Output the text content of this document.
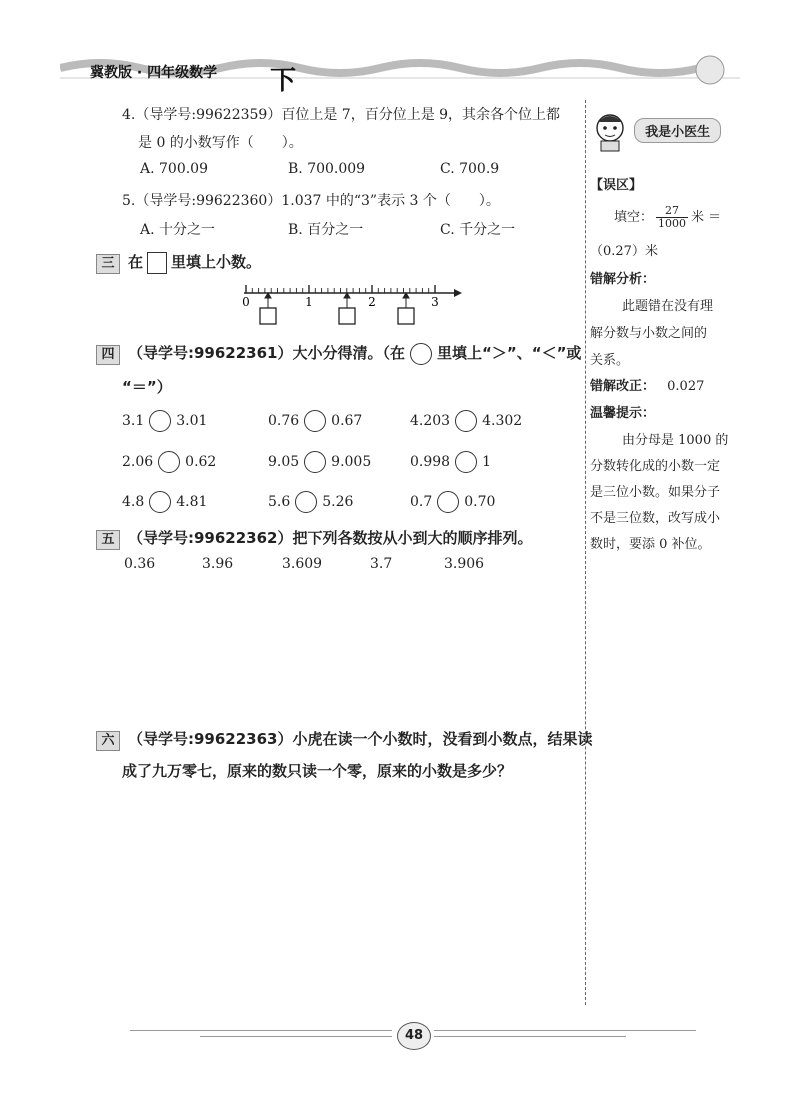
冀教版 · 四年级数学 下
4.（导学号:99622359）百位上是 7，百分位上是 9，其余各个位上都
是 0 的小数写作（　　）。
A. 700.09	B. 700.009	C. 700.9
5.（导学号:99622360）1.037 中的“3”表示 3 个（　　）。
A. 十分之一	B. 百分之一	C. 千分之一
三 在 里填上小数。
0	1	2	3
四 （导学号:99622361）大小分得清。（在 里填上“＞”、“＜”或
“＝”）
3.1 3.01	0.76 0.67	4.203 4.302
2.06 0.62	9.05 9.005	0.998 1
4.8 4.81	5.6 5.26	0.7 0.70
五 （导学号:99622362）把下列各数按从小到大的顺序排列。
0.36	3.96	3.609	3.7	3.906
六 （导学号:99622363）小虎在读一个小数时，没看到小数点，结果读
成了九万零七，原来的数只读一个零，原来的小数是多少？
我是小医生
【误区】
填空： $\frac{27}{1000}$ 米 ＝
（0.27）米
错解分析：
此题错在没有理
解分数与小数之间的
关系。
错解改正： 0.027
温馨提示：
由分母是 1000 的
分数转化成的小数一定
是三位小数。如果分子
不是三位数，改写成小
数时，要添 0 补位。
48
